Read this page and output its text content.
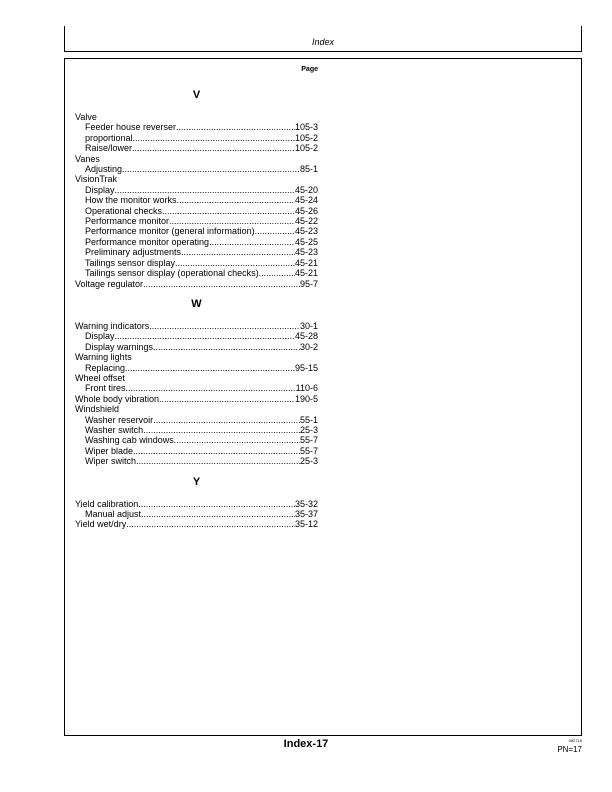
Index
Page
V
Valve
Feeder house reverser .....	105-3
proportional .....	105-2
Raise/lower .....	105-2
Vanes
Adjusting .....	85-1
VisionTrak
Display .....	45-20
How the monitor works .....	45-24
Operational checks .....	45-26
Performance monitor .....	45-22
Performance monitor (general information) .....	45-23
Performance monitor operating .....	45-25
Preliminary adjustments .....	45-23
Tailings sensor display .....	45-21
Tailings sensor display (operational checks) .....	45-21
Voltage regulator .....	95-7
W
Warning indicators .....	30-1
Display .....	45-28
Display warnings .....	30-2
Warning lights
Replacing .....	95-15
Wheel offset
Front tires .....	110-6
Whole body vibration .....	190-5
Windshield
Washer reservoir .....	55-1
Washer switch .....	25-3
Washing cab windows .....	55-7
Wiper blade .....	55-7
Wiper switch .....	25-3
Y
Yield calibration .....	35-32
Manual adjust .....	35-37
Yield wet/dry .....	35-12
Index-17	082715
PN=17
